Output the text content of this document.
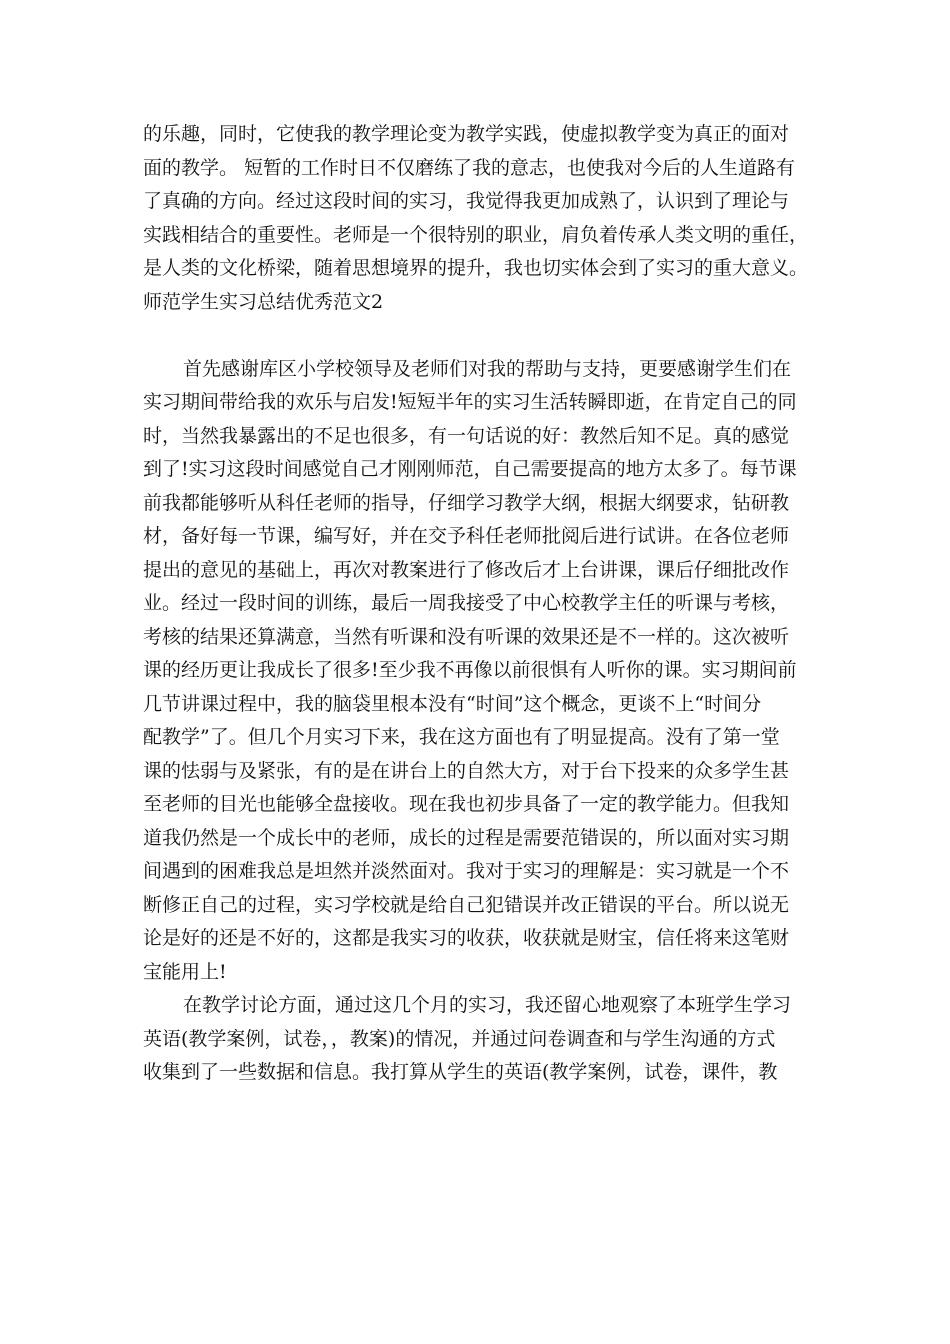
的乐趣，同时，它使我的教学理论变为教学实践，使虚拟教学变为真正的面对
面的教学。 短暂的工作时日不仅磨练了我的意志，也使我对今后的人生道路有
了真确的方向。经过这段时间的实习，我觉得我更加成熟了，认识到了理论与
实践相结合的重要性。老师是一个很特别的职业，肩负着传承人类文明的重任，
是人类的文化桥梁，随着思想境界的提升，我也切实体会到了实习的重大意义。
师范学生实习总结优秀范文2
首先感谢库区小学校领导及老师们对我的帮助与支持，更要感谢学生们在
实习期间带给我的欢乐与启发!短短半年的实习生活转瞬即逝，在肯定自己的同
时，当然我暴露出的不足也很多，有一句话说的好：教然后知不足。真的感觉
到了!实习这段时间感觉自己才刚刚师范，自己需要提高的地方太多了。每节课
前我都能够听从科任老师的指导，仔细学习教学大纲，根据大纲要求，钻研教
材，备好每一节课，编写好，并在交予科任老师批阅后进行试讲。在各位老师
提出的意见的基础上，再次对教案进行了修改后才上台讲课，课后仔细批改作
业。经过一段时间的训练，最后一周我接受了中心校教学主任的听课与考核，
考核的结果还算满意，当然有听课和没有听课的效果还是不一样的。这次被听
课的经历更让我成长了很多!至少我不再像以前很惧有人听你的课。实习期间前
几节讲课过程中，我的脑袋里根本没有“时间”这个概念，更谈不上“时间分
配教学”了。但几个月实习下来，我在这方面也有了明显提高。没有了第一堂
课的怯弱与及紧张，有的是在讲台上的自然大方，对于台下投来的众多学生甚
至老师的目光也能够全盘接收。现在我也初步具备了一定的教学能力。但我知
道我仍然是一个成长中的老师，成长的过程是需要范错误的，所以面对实习期
间遇到的困难我总是坦然并淡然面对。我对于实习的理解是：实习就是一个不
断修正自己的过程，实习学校就是给自己犯错误并改正错误的平台。所以说无
论是好的还是不好的，这都是我实习的收获，收获就是财宝，信任将来这笔财
宝能用上!
在教学讨论方面，通过这几个月的实习，我还留心地观察了本班学生学习
英语(教学案例，试卷，，教案)的情况，并通过问卷调查和与学生沟通的方式
收集到了一些数据和信息。我打算从学生的英语(教学案例，试卷，课件，教
